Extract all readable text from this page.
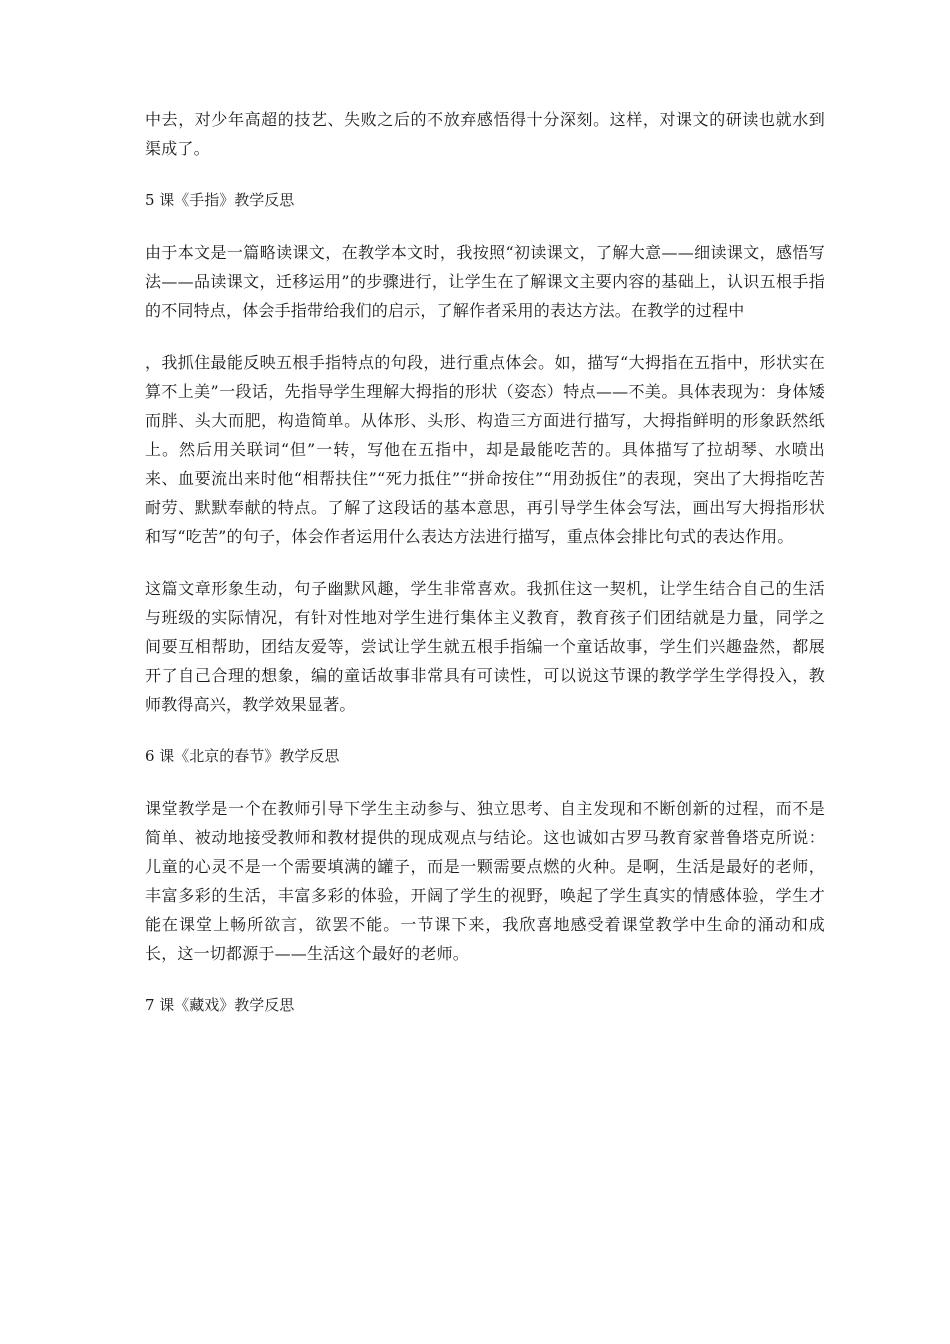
中去，对少年高超的技艺、失败之后的不放弃感悟得十分深刻。这样，对课文的研读也就水到渠成了。

5 课《手指》教学反思

由于本文是一篇略读课文，在教学本文时，我按照“初读课文，了解大意——细读课文，感悟写法——品读课文，迁移运用”的步骤进行，让学生在了解课文主要内容的基础上，认识五根手指的不同特点，体会手指带给我们的启示，了解作者采用的表达方法。在教学的过程中

，我抓住最能反映五根手指特点的句段，进行重点体会。如，描写“大拇指在五指中，形状实在算不上美”一段话，先指导学生理解大拇指的形状（姿态）特点——不美。具体表现为：身体矮而胖、头大而肥，构造简单。从体形、头形、构造三方面进行描写，大拇指鲜明的形象跃然纸上。然后用关联词“但”一转，写他在五指中，却是最能吃苦的。具体描写了拉胡琴、水喷出来、血要流出来时他“相帮扶住”“死力抵住”“拼命按住”“用劲扳住”的表现，突出了大拇指吃苦耐劳、默默奉献的特点。了解了这段话的基本意思，再引导学生体会写法，画出写大拇指形状和写“吃苦”的句子，体会作者运用什么表达方法进行描写，重点体会排比句式的表达作用。

这篇文章形象生动，句子幽默风趣，学生非常喜欢。我抓住这一契机，让学生结合自己的生活与班级的实际情况，有针对性地对学生进行集体主义教育，教育孩子们团结就是力量，同学之间要互相帮助，团结友爱等，尝试让学生就五根手指编一个童话故事，学生们兴趣盎然，都展开了自己合理的想象，编的童话故事非常具有可读性，可以说这节课的教学学生学得投入，教师教得高兴，教学效果显著。

6 课《北京的春节》教学反思

课堂教学是一个在教师引导下学生主动参与、独立思考、自主发现和不断创新的过程，而不是简单、被动地接受教师和教材提供的现成观点与结论。这也诚如古罗马教育家普鲁塔克所说：儿童的心灵不是一个需要填满的罐子，而是一颗需要点燃的火种。是啊，生活是最好的老师，丰富多彩的生活，丰富多彩的体验，开阔了学生的视野，唤起了学生真实的情感体验，学生才能在课堂上畅所欲言，欲罢不能。一节课下来，我欣喜地感受着课堂教学中生命的涌动和成长，这一切都源于——生活这个最好的老师。

7 课《藏戏》教学反思
